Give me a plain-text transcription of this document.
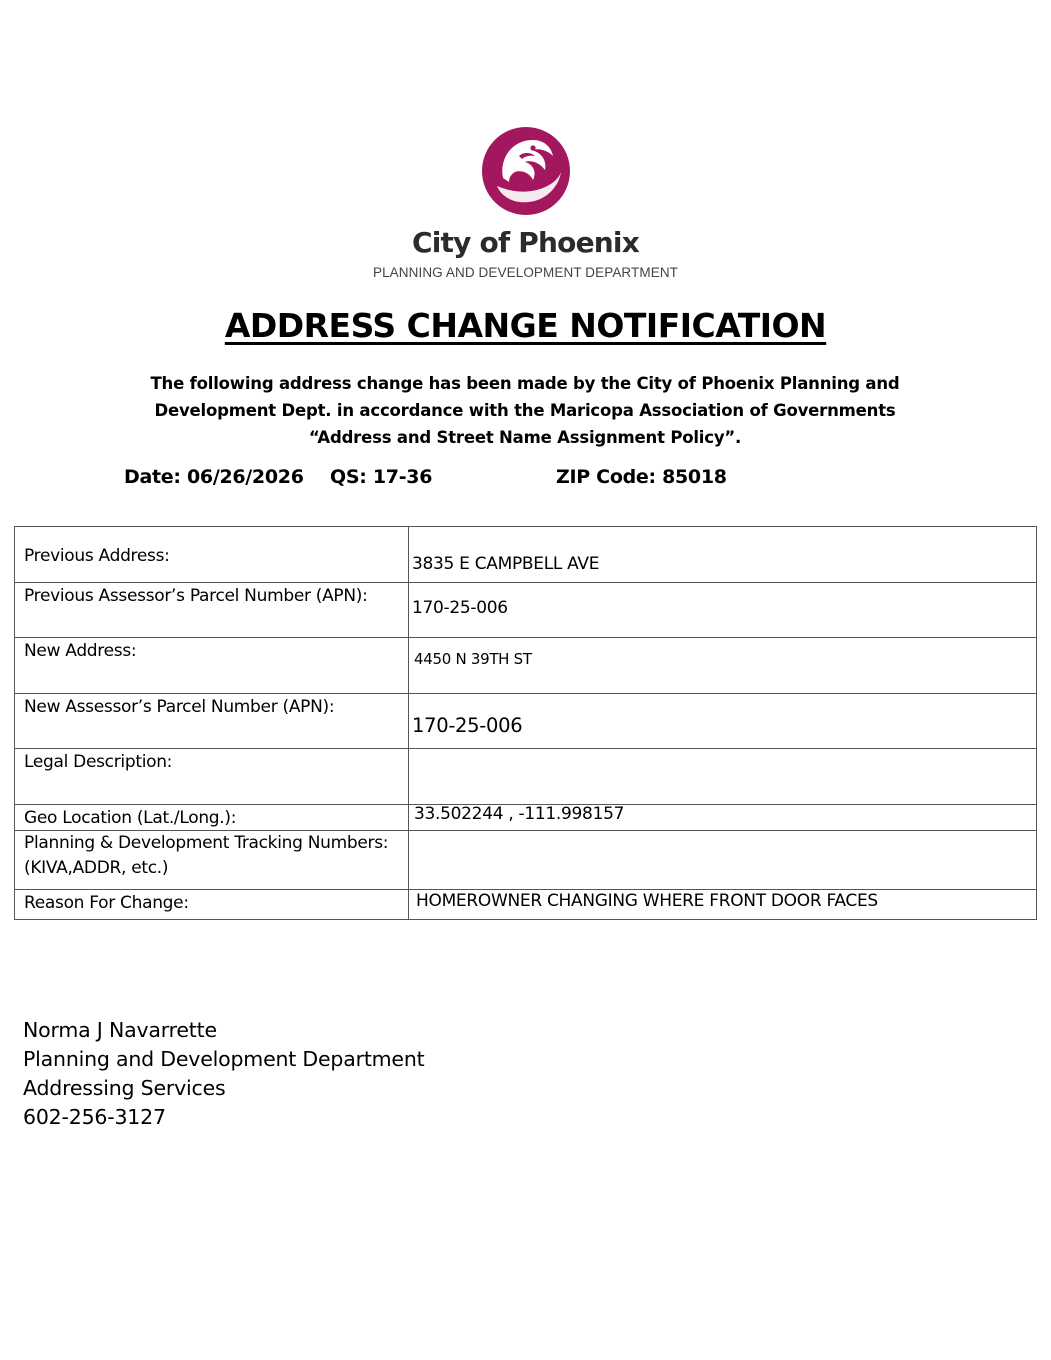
City of Phoenix
PLANNING AND DEVELOPMENT DEPARTMENT
ADDRESS CHANGE NOTIFICATION
The following address change has been made by the City of Phoenix Planning and Development Dept. in accordance with the Maricopa Association of Governments “Address and Street Name Assignment Policy”.
Date: 06/26/2026 QS: 17-36	ZIP Code: 85018
Previous Address:	3835 E CAMPBELL AVE
Previous Assessor’s Parcel Number (APN):	170-25-006
New Address:	4450 N 39TH ST
New Assessor’s Parcel Number (APN):	170-25-006
Legal Description:	
Geo Location (Lat./Long.):	33.502244 , -111.998157
Planning & Development Tracking Numbers: (KIVA,ADDR, etc.)	
Reason For Change:	HOMEROWNER CHANGING WHERE FRONT DOOR FACES
Norma J Navarrette
Planning and Development Department
Addressing Services
602-256-3127
